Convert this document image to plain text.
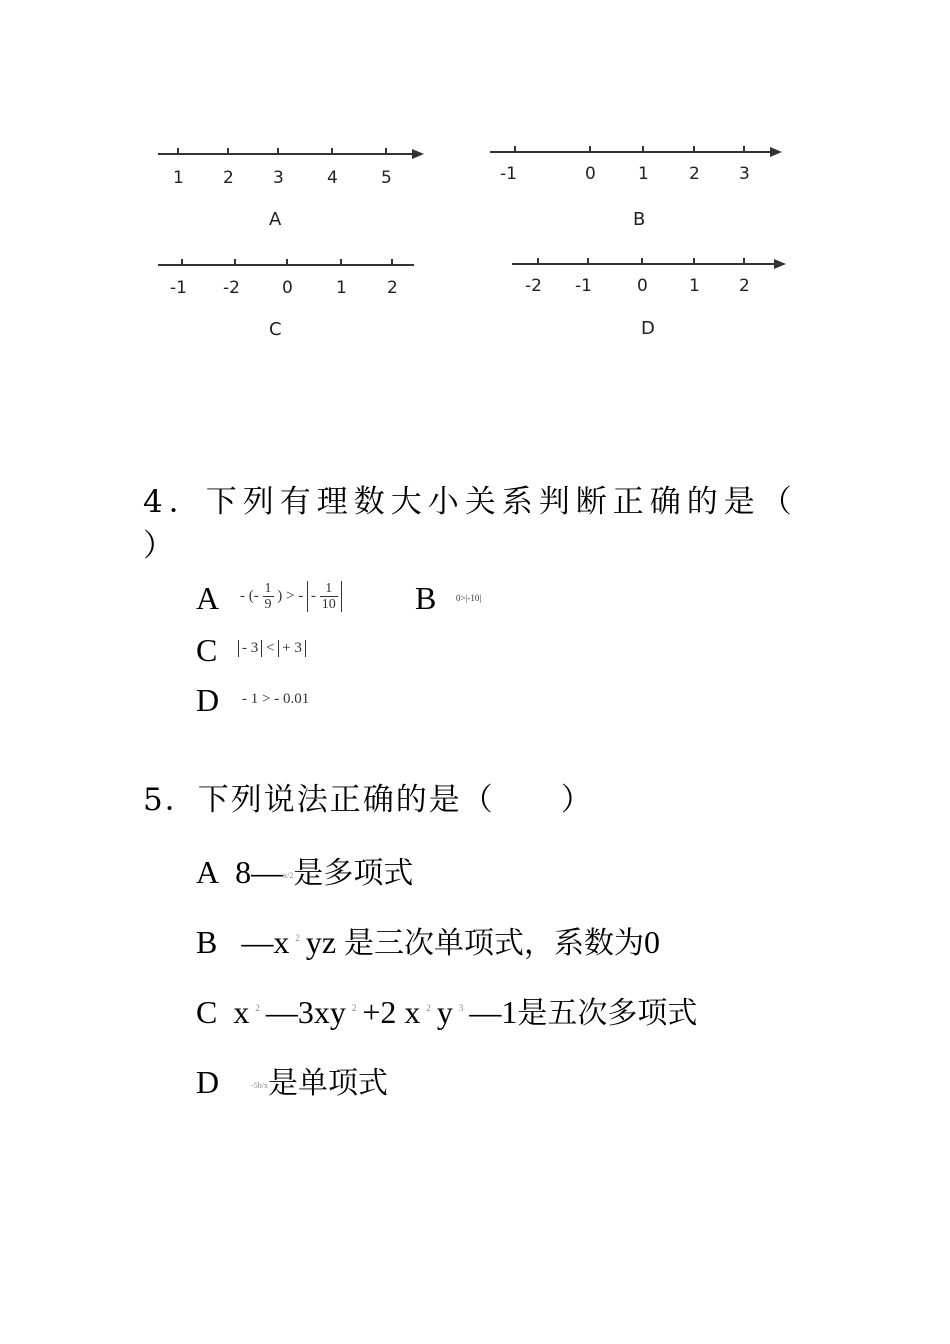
1 2 3	4	5
A
-1	0 1 2 3
B
-1 -2 0	1 2
C
-2 -1	0 1 2
D
4．下列有理数大小关系判断正确的是（
）
A - (- $\frac{1}{9}$ ) > - - $\frac{1}{10}$ B 0>|-10|
C - 3 < + 3
D - 1 > - 0.01
5．下列说法正确的是（　　）
A 8—x/2是多项式
B —x $^2$ yz 是三次单项式，系数为0
C x $^2$ —3xy $^2$ +2 x $^2$ y $^3$ —1是五次多项式
D	-5b/x是单项式
